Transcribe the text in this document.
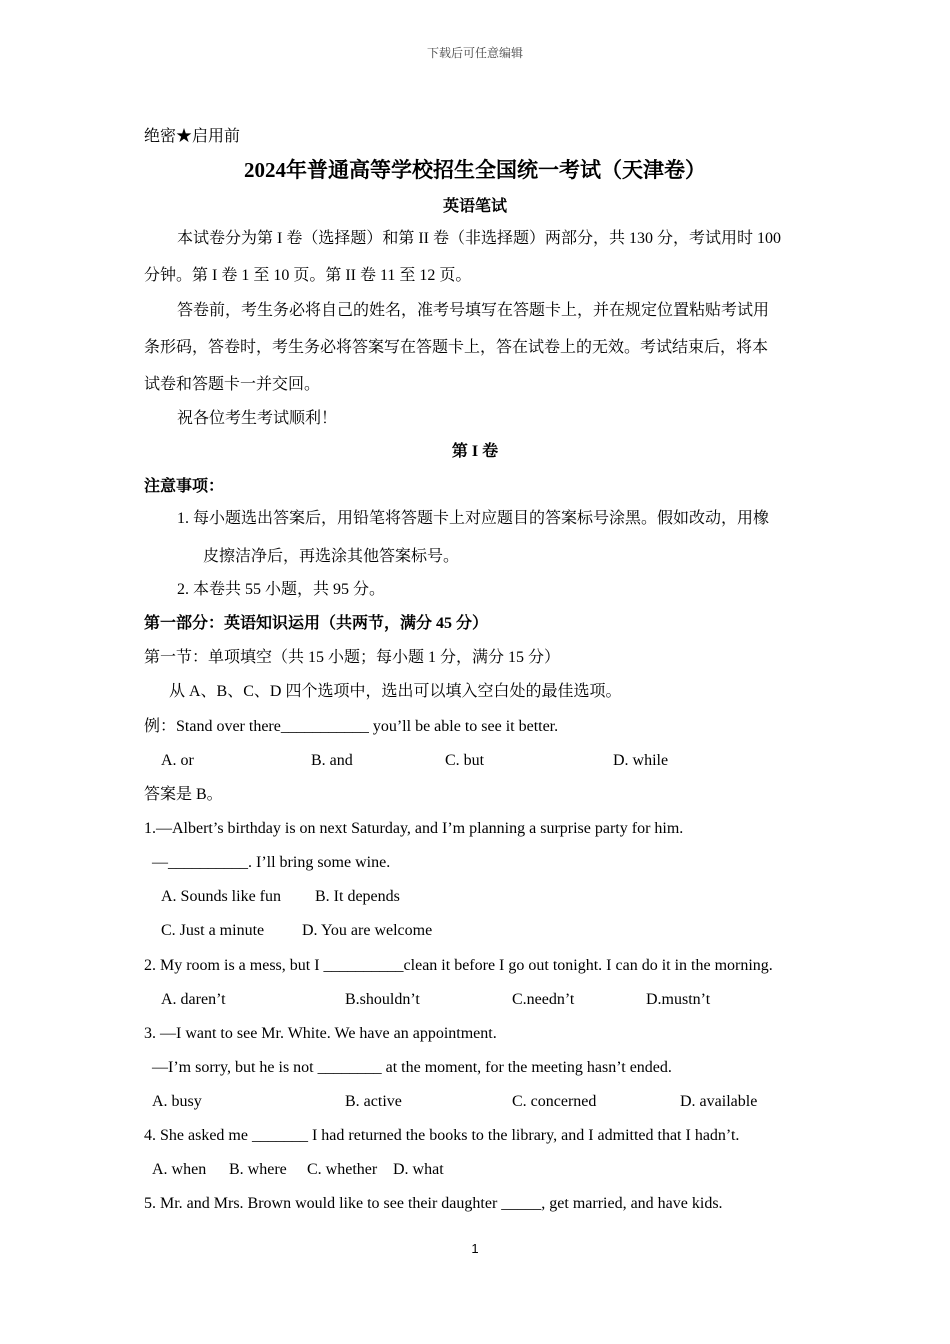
下载后可任意编辑
绝密★启用前
2024年普通高等学校招生全国统一考试（天津卷）
英语笔试
本试卷分为第 I 卷（选择题）和第 II 卷（非选择题）两部分，共 130 分，考试用时 100
分钟。第 I 卷 1 至 10 页。第 II 卷 11 至 12 页。
答卷前，考生务必将自己的姓名，准考号填写在答题卡上，并在规定位置粘贴考试用
条形码，答卷时，考生务必将答案写在答题卡上，答在试卷上的无效。考试结束后，将本
试卷和答题卡一并交回。
祝各位考生考试顺利！
第 I 卷
注意事项：
1. 每小题选出答案后，用铅笔将答题卡上对应题目的答案标号涂黑。假如改动，用橡
皮擦洁净后，再选涂其他答案标号。
2. 本卷共 55 小题，共 95 分。
第一部分：英语知识运用（共两节，满分 45 分）
第一节：单项填空（共 15 小题；每小题 1 分，满分 15 分）
从 A、B、C、D 四个选项中，选出可以填入空白处的最佳选项。
例：Stand over there___________ you’ll be able to see it better.
A. or	B. and	C. but	D. while
答案是 B。
1.—Albert’s birthday is on next Saturday, and I’m planning a surprise party for him.
—__________. I’ll bring some wine.
A. Sounds like fun B. It depends
C. Just a minute D. You are welcome
2. My room is a mess, but I __________clean it before I go out tonight. I can do it in the morning.
A. daren’t	B.shouldn’t	C.needn’t	D.mustn’t
3. —I want to see Mr. White. We have an appointment.
—I’m sorry, but he is not ________ at the moment, for the meeting hasn’t ended.
A. busy	B. active	C. concerned	D. available
4. She asked me _______ I had returned the books to the library, and I admitted that I hadn’t.
A. when B. where C. whether D. what
5. Mr. and Mrs. Brown would like to see their daughter _____, get married, and have kids.
1
